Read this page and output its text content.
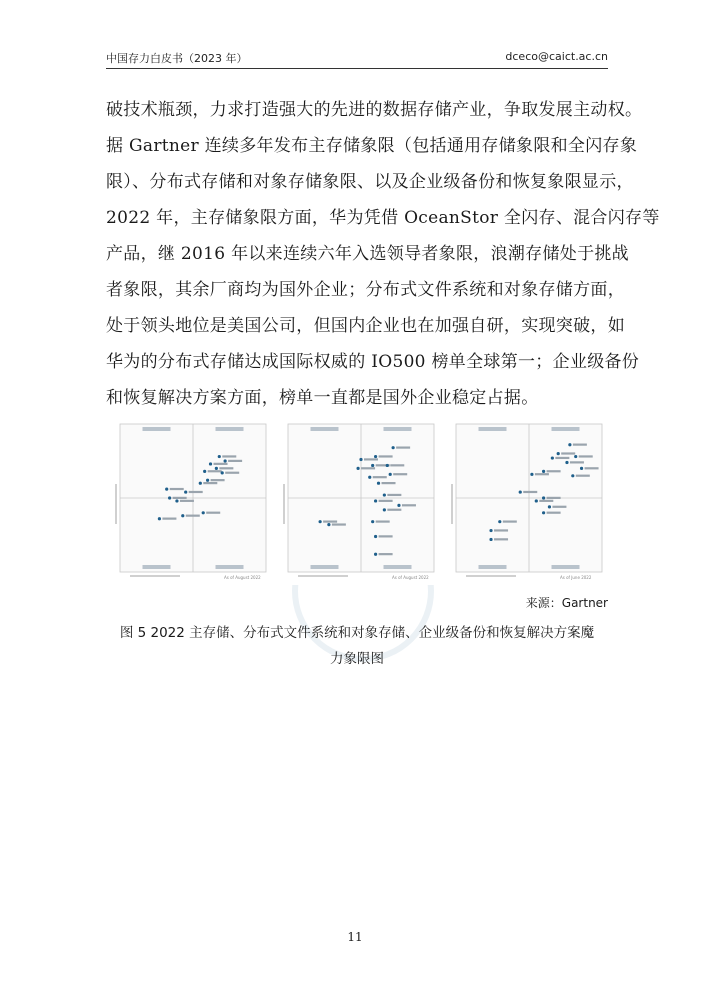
中国存力白皮书（2023 年）	dceco@caict.ac.cn

破技术瓶颈，力求打造强大的先进的数据存储产业，争取发展主动权。

据 Gartner 连续多年发布主存储象限（包括通用存储象限和全闪存象

限）、分布式存储和对象存储象限、以及企业级备份和恢复象限显示，

2022 年，主存储象限方面，华为凭借 OceanStor 全闪存、混合闪存等

产品，继 2016 年以来连续六年入选领导者象限，浪潮存储处于挑战

者象限，其余厂商均为国外企业；分布式文件系统和对象存储方面，

处于领头地位是美国公司，但国内企业也在加强自研，实现突破，如

华为的分布式存储达成国际权威的 IO500 榜单全球第一；企业级备份

和恢复解决方案方面，榜单一直都是国外企业稳定占据。

As of August 2022	As of August 2022	As of June 2022
来源：Gartner
图 5 2022 主存储、分布式文件系统和对象存储、企业级备份和恢复解决方案魔
力象限图
11
